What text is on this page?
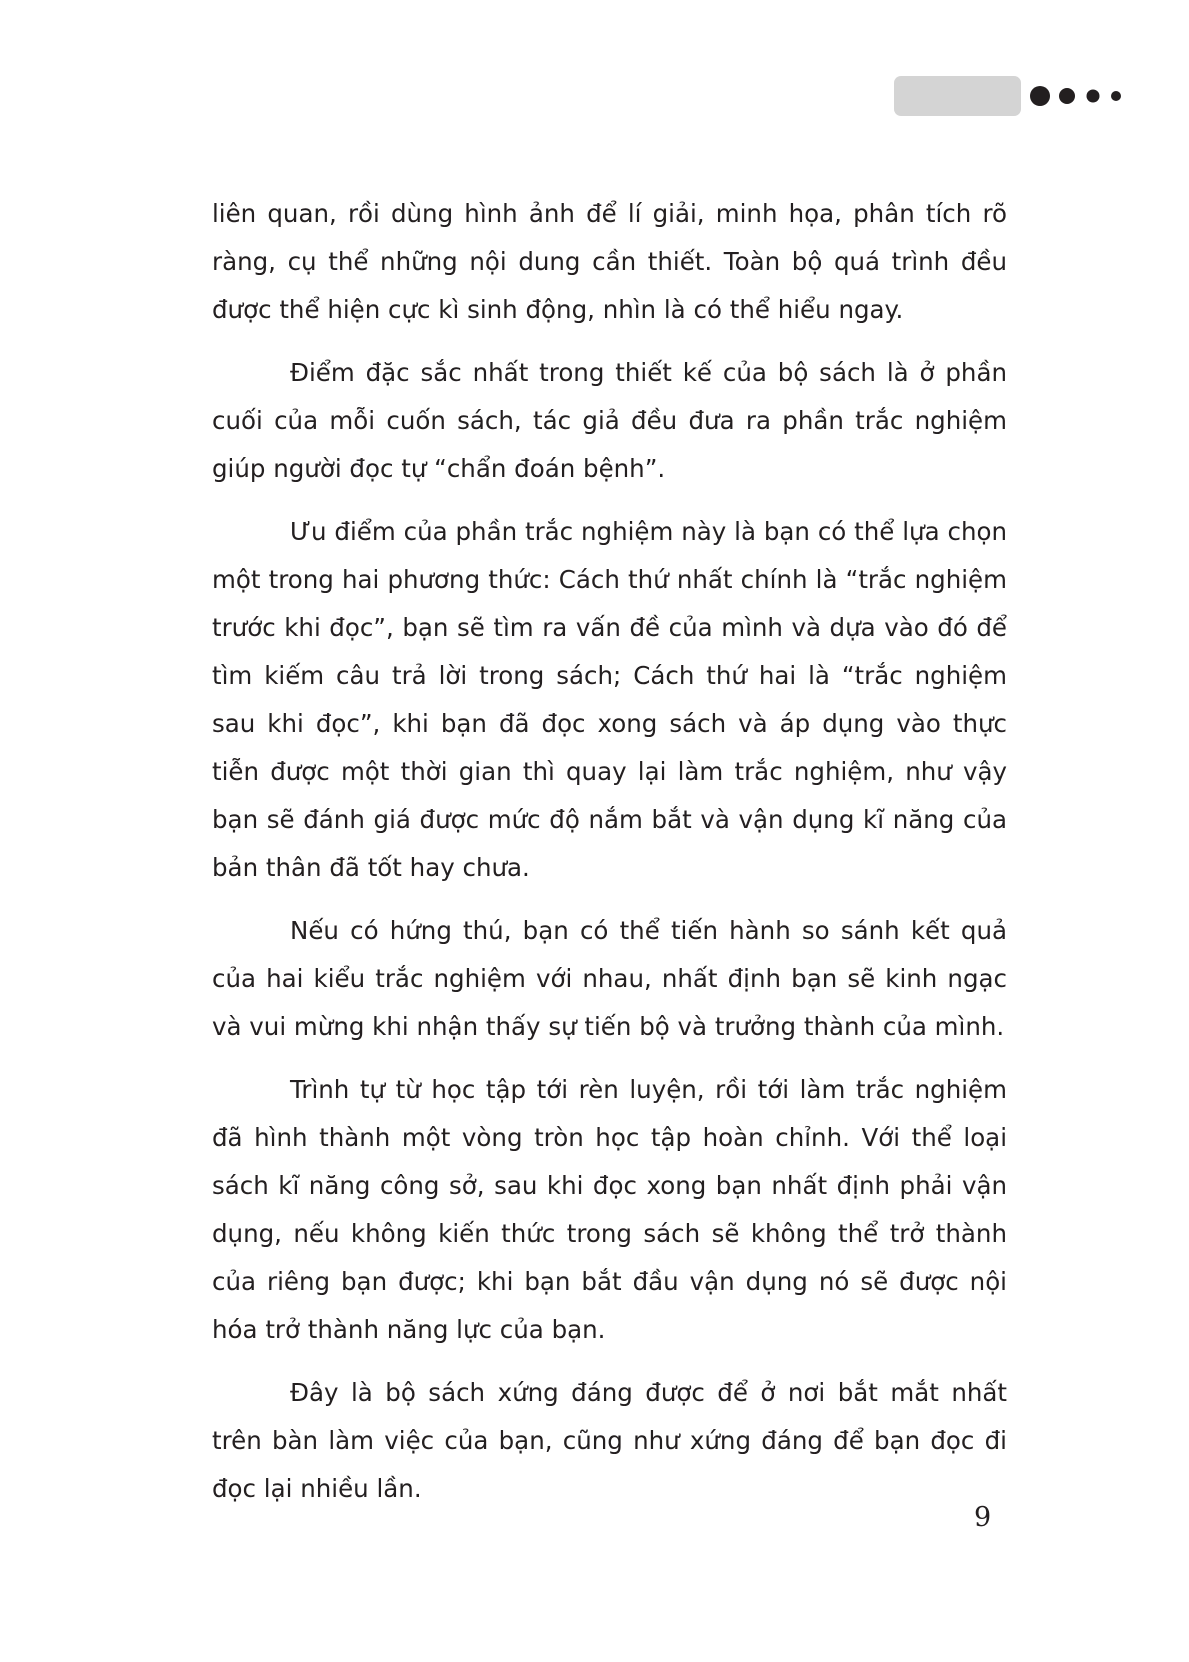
liên quan, rồi dùng hình ảnh để lí giải, minh họa, phân tích rõ ràng, cụ thể những nội dung cần thiết. Toàn bộ quá trình đều được thể hiện cực kì sinh động, nhìn là có thể hiểu ngay.

Điểm đặc sắc nhất trong thiết kế của bộ sách là ở phần cuối của mỗi cuốn sách, tác giả đều đưa ra phần trắc nghiệm giúp người đọc tự “chẩn đoán bệnh”.

Ưu điểm của phần trắc nghiệm này là bạn có thể lựa chọn một trong hai phương thức: Cách thứ nhất chính là “trắc nghiệm trước khi đọc”, bạn sẽ tìm ra vấn đề của mình và dựa vào đó để tìm kiếm câu trả lời trong sách; Cách thứ hai là “trắc nghiệm sau khi đọc”, khi bạn đã đọc xong sách và áp dụng vào thực tiễn được một thời gian thì quay lại làm trắc nghiệm, như vậy bạn sẽ đánh giá được mức độ nắm bắt và vận dụng kĩ năng của bản thân đã tốt hay chưa.

Nếu có hứng thú, bạn có thể tiến hành so sánh kết quả của hai kiểu trắc nghiệm với nhau, nhất định bạn sẽ kinh ngạc và vui mừng khi nhận thấy sự tiến bộ và trưởng thành của mình.

Trình tự từ học tập tới rèn luyện, rồi tới làm trắc nghiệm đã hình thành một vòng tròn học tập hoàn chỉnh. Với thể loại sách kĩ năng công sở, sau khi đọc xong bạn nhất định phải vận dụng, nếu không kiến thức trong sách sẽ không thể trở thành của riêng bạn được; khi bạn bắt đầu vận dụng nó sẽ được nội hóa trở thành năng lực của bạn.

Đây là bộ sách xứng đáng được để ở nơi bắt mắt nhất trên bàn làm việc của bạn, cũng như xứng đáng để bạn đọc đi đọc lại nhiều lần.

9
